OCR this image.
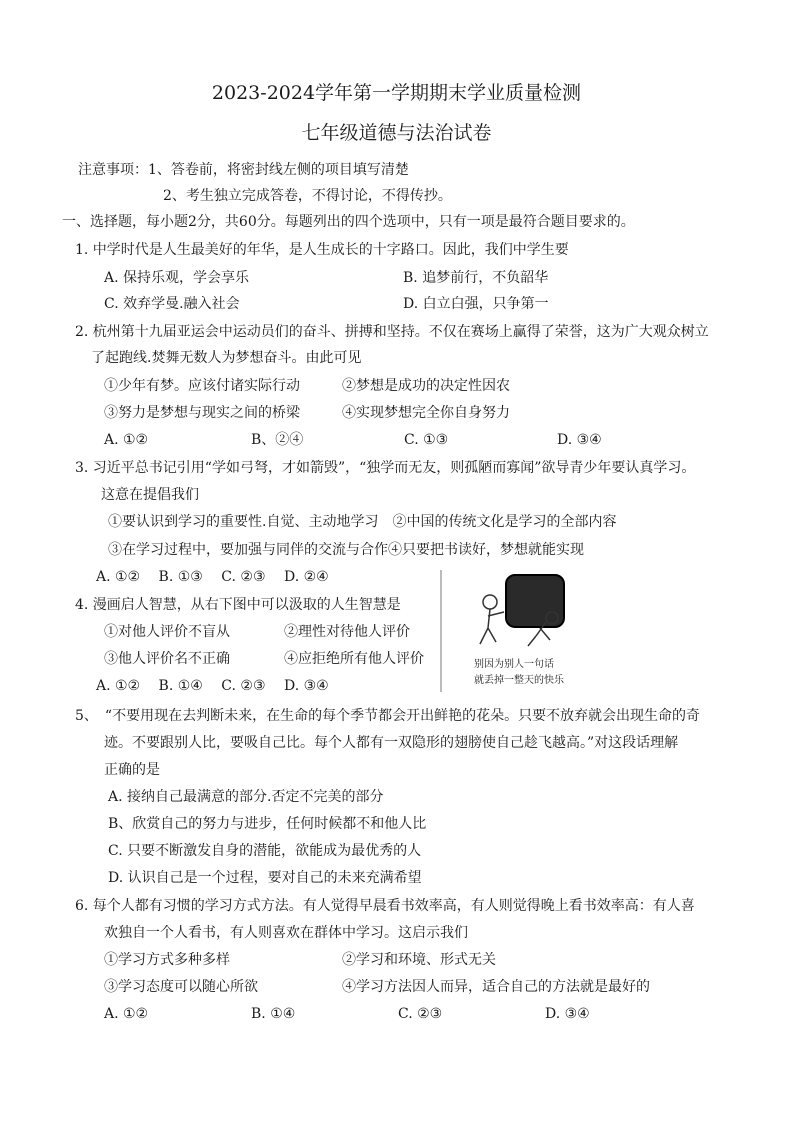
2023-2024学年第一学期期末学业质量检测
七年级道德与法治试卷
注意事项：1、答卷前，将密封线左侧的项目填写清楚
2、考生独立完成答卷，不得讨论，不得传抄。
一、选择题，每小题2分，共60分。每题列出的四个选项中，只有一项是最符合题目要求的。
1. 中学时代是人生最美好的年华，是人生成长的十字路口。因此，我们中学生要
A. 保持乐观，学会享乐	B. 追梦前行，不负韶华
C. 效弃学曼.融入社会	D. 白立白强，只争第一
2. 杭州第十九届亚运会中运动员们的奋斗、拼搏和坚持。不仅在赛场上赢得了荣誉，这为广大观众树立
了起跑线.焚舞无数人为梦想奋斗。由此可见
①少年有梦。应该付诸实际行动	②梦想是成功的决定性因农
③努力是梦想与现实之间的桥梁	④实现梦想完全你自身努力
A. ①②	B、②④	C. ①③	D. ③④
3. 习近平总书记引用“学如弓弩，才如箭毁”，“独学而无友，则孤陋而寡闻”欲导青少年要认真学习。
这意在提倡我们
①要认识到学习的重要性.自觉、主动地学习　②中国的传统文化是学习的全部内容
③在学习过程中，要加强与同伴的交流与合作④只要把书读好，梦想就能实现
A. ①②　 B. ①③　 C. ②③　 D. ②④
4. 漫画启人智慧，从右下图中可以汲取的人生智慧是
①对他人评价不盲从	②理性对待他人评价
③他人评价名不正确	④应拒绝所有他人评价
A. ①②　 B. ①④　 C. ②③　 D. ③④
别因为别人一句话
就丢掉一整天的快乐
5、　“不要用现在去判断未来，在生命的每个季节都会开出鲜艳的花朵。只要不放弃就会出现生命的奇
迹。不要跟别人比，要吸自己比。每个人都有一双隐形的翅膀使自己趁飞越高。”对这段话理解
正确的是
A. 接纳自己最满意的部分.否定不完美的部分
B、欣赏自己的努力与进步，任何时候都不和他人比
C. 只要不断激发自身的潜能，欲能成为最优秀的人
D. 认识自己是一个过程，要对自己的未来充满希望
6. 每个人都有习惯的学习方式方法。有人觉得早晨看书效率高，有人则觉得晚上看书效率高：有人喜
欢独自一个人看书，有人则喜欢在群体中学习。这启示我们
①学习方式多种多样	②学习和环境、形式无关
③学习态度可以随心所欲	④学习方法因人而异，适合自己的方法就是最好的
A. ①②	B. ①④	C. ②③	D. ③④
